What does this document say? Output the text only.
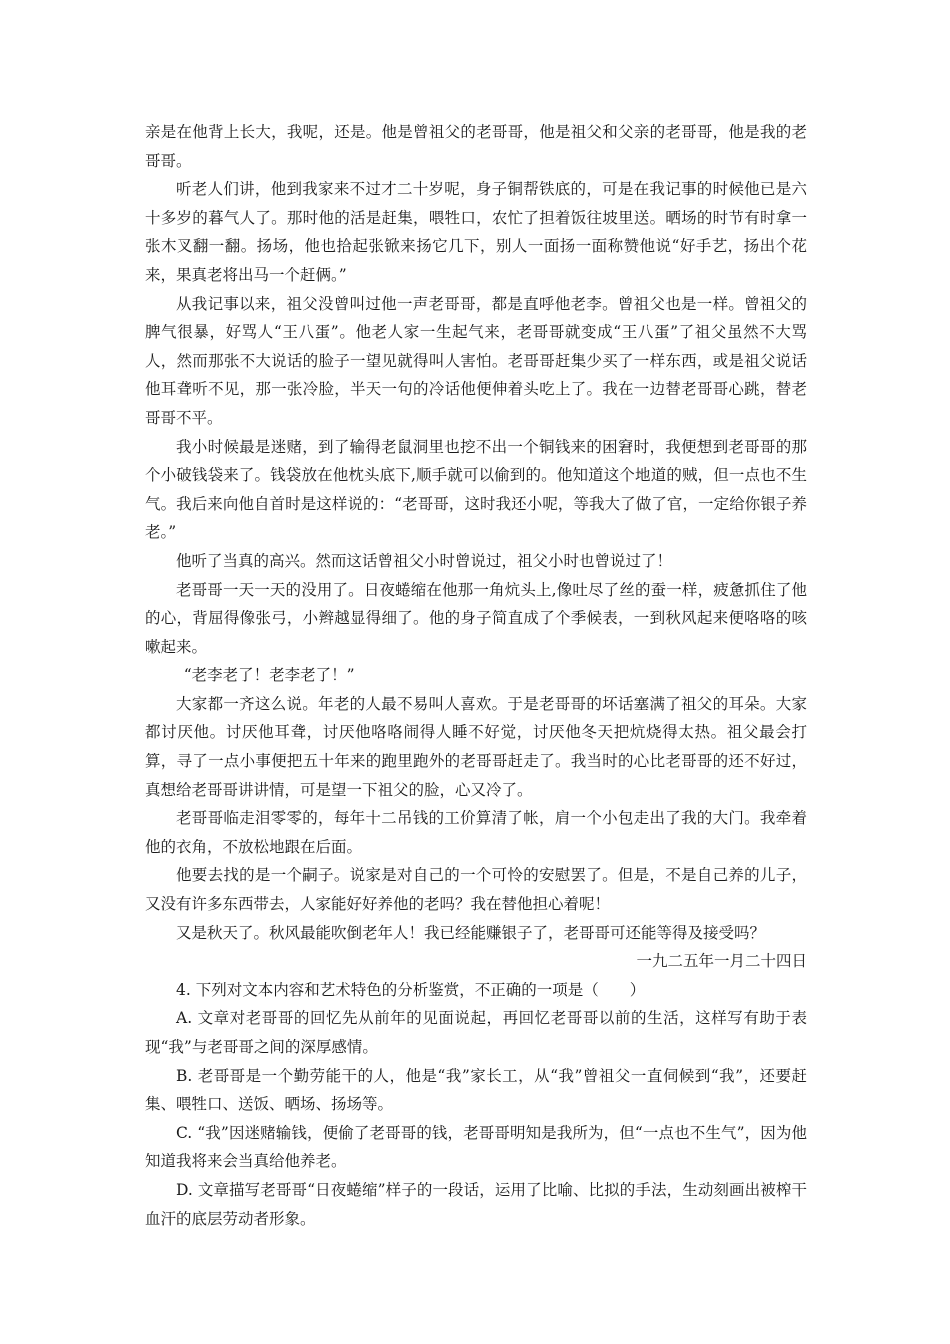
亲是在他背上长大，我呢，还是。他是曾祖父的老哥哥，他是祖父和父亲的老哥哥，他是我的老哥哥。

听老人们讲，他到我家来不过才二十岁呢，身子铜帮铁底的，可是在我记事的时候他已是六十多岁的暮气人了。那时他的活是赶集，喂牲口，农忙了担着饭往坡里送。晒场的时节有时拿一张木叉翻一翻。扬场，他也拾起张锨来扬它几下，别人一面扬一面称赞他说“好手艺，扬出个花来，果真老将出马一个赶俩。”

从我记事以来，祖父没曾叫过他一声老哥哥，都是直呼他老李。曾祖父也是一样。曾祖父的脾气很暴，好骂人“王八蛋”。他老人家一生起气来，老哥哥就变成“王八蛋”了祖父虽然不大骂人，然而那张不大说话的脸子一望见就得叫人害怕。老哥哥赶集少买了一样东西，或是祖父说话他耳聋听不见，那一张冷脸，半天一句的冷话他便伸着头吃上了。我在一边替老哥哥心跳，替老哥哥不平。

我小时候最是迷赌，到了输得老鼠洞里也挖不出一个铜钱来的困窘时，我便想到老哥哥的那个小破钱袋来了。钱袋放在他枕头底下,顺手就可以偷到的。他知道这个地道的贼，但一点也不生气。我后来向他自首时是这样说的：“老哥哥，这时我还小呢，等我大了做了官，一定给你银子养老。”

他听了当真的高兴。然而这话曾祖父小时曾说过，祖父小时也曾说过了！

老哥哥一天一天的没用了。日夜蜷缩在他那一角炕头上,像吐尽了丝的蚕一样，疲惫抓住了他的心，背屈得像张弓，小辫越显得细了。他的身子简直成了个季候表，一到秋风起来便咯咯的咳嗽起来。

“老李老了！老李老了！”

大家都一齐这么说。年老的人最不易叫人喜欢。于是老哥哥的坏话塞满了祖父的耳朵。大家都讨厌他。讨厌他耳聋，讨厌他咯咯闹得人睡不好觉，讨厌他冬天把炕烧得太热。祖父最会打算，寻了一点小事便把五十年来的跑里跑外的老哥哥赶走了。我当时的心比老哥哥的还不好过，真想给老哥哥讲讲情，可是望一下祖父的脸，心又冷了。

老哥哥临走泪零零的，每年十二吊钱的工价算清了帐，肩一个小包走出了我的大门。我牵着他的衣角，不放松地跟在后面。

他要去找的是一个嗣子。说家是对自己的一个可怜的安慰罢了。但是，不是自己养的儿子，又没有许多东西带去，人家能好好养他的老吗？我在替他担心着呢！

又是秋天了。秋风最能吹倒老年人！我已经能赚银子了，老哥哥可还能等得及接受吗？

一九二五年一月二十四日

4. 下列对文本内容和艺术特色的分析鉴赏，不正确的一项是（　　）

A. 文章对老哥哥的回忆先从前年的见面说起，再回忆老哥哥以前的生活，这样写有助于表现“我”与老哥哥之间的深厚感情。

B. 老哥哥是一个勤劳能干的人，他是“我”家长工，从“我”曾祖父一直伺候到“我”，还要赶集、喂牲口、送饭、晒场、扬场等。

C. “我”因迷赌输钱，便偷了老哥哥的钱，老哥哥明知是我所为，但“一点也不生气”，因为他知道我将来会当真给他养老。

D. 文章描写老哥哥“日夜蜷缩”样子的一段话，运用了比喻、比拟的手法，生动刻画出被榨干血汗的底层劳动者形象。
